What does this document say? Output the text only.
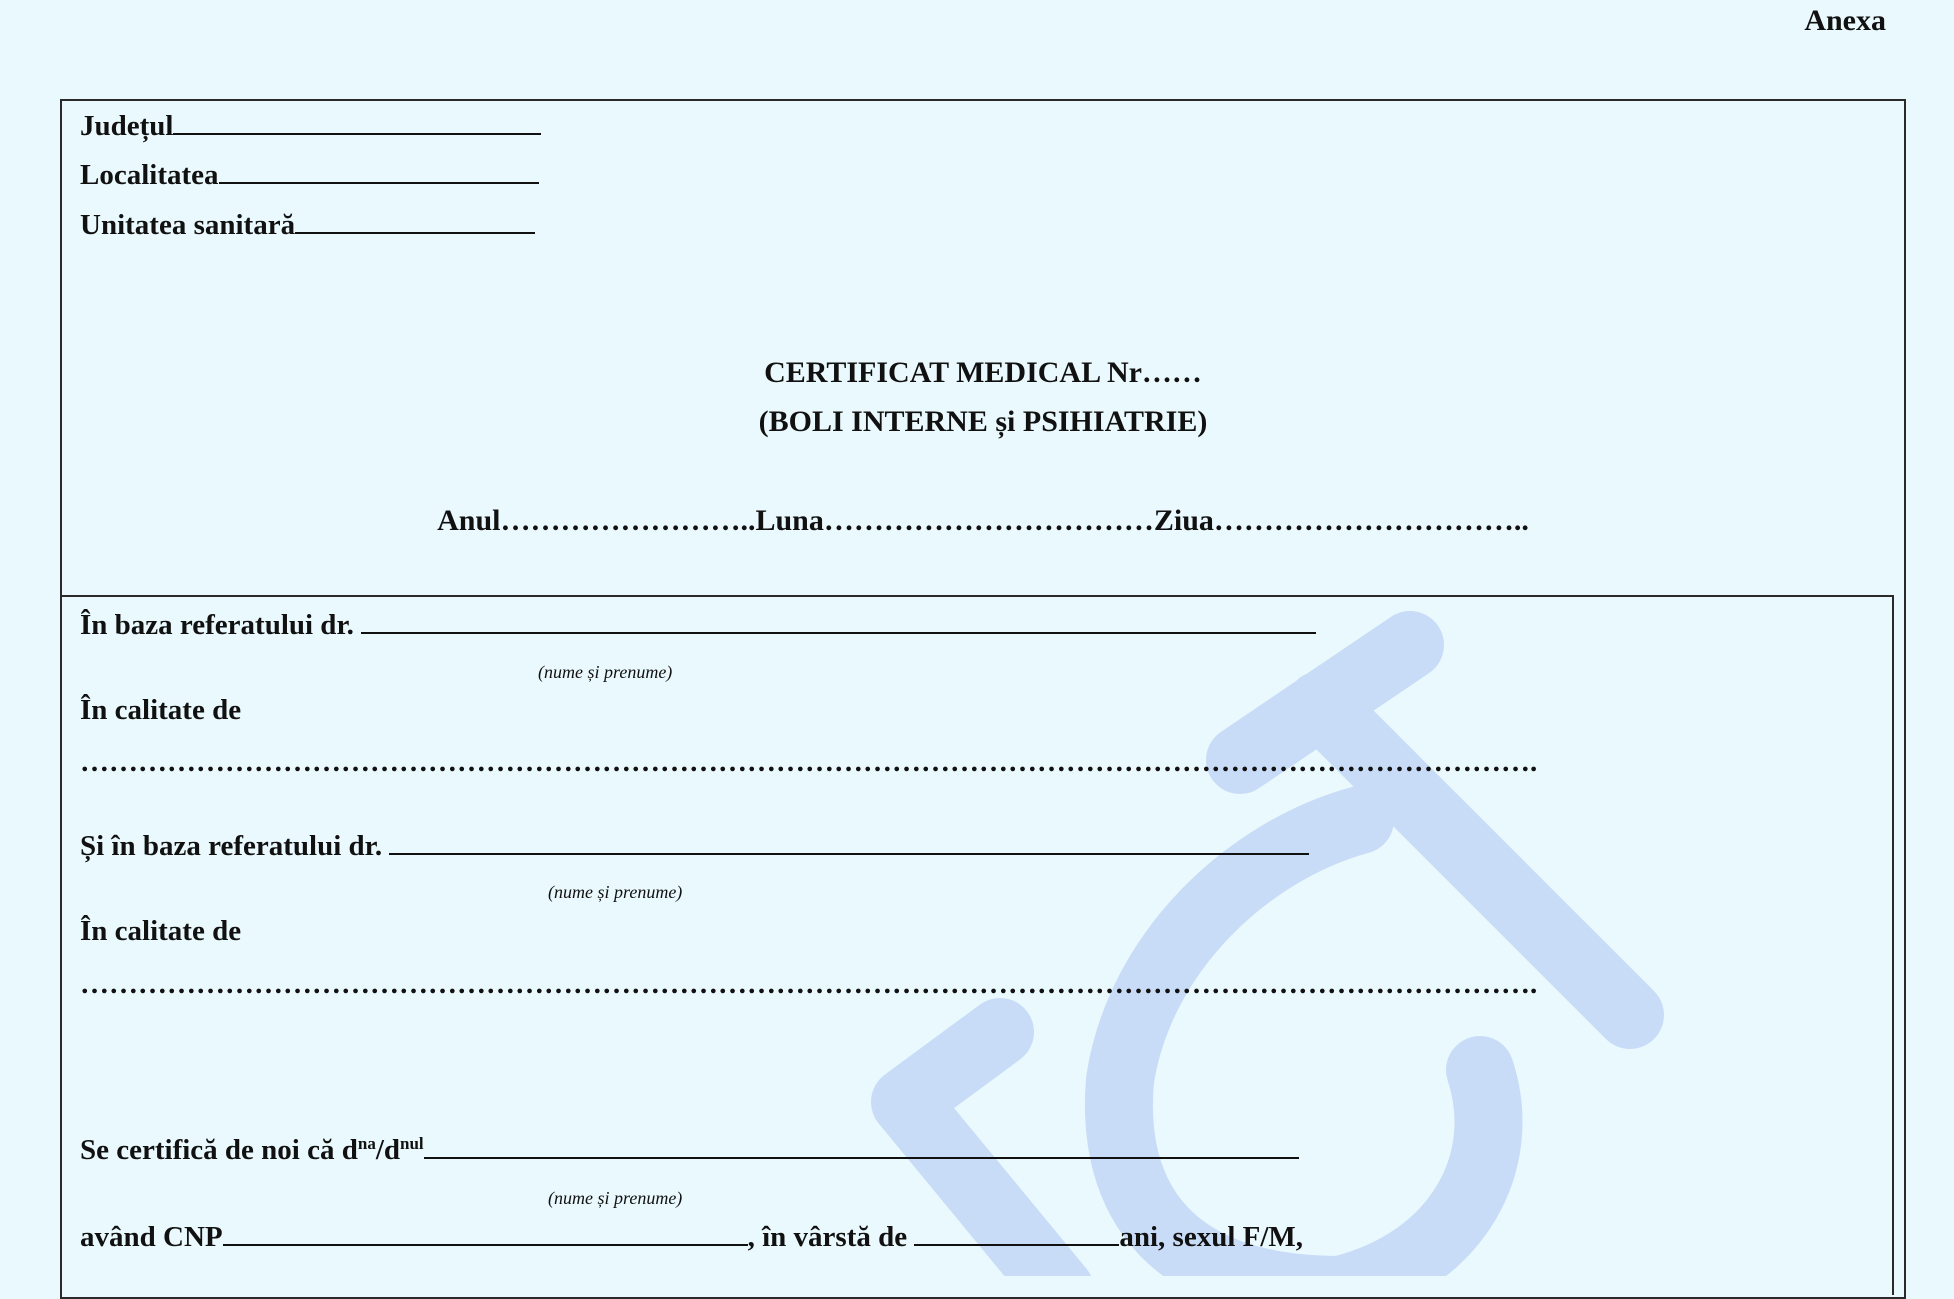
Anexa
Județul
Localitatea
Unitatea sanitară
CERTIFICAT MEDICAL Nr……
(BOLI INTERNE și PSIHIATRIE)
Anul……………………..Luna……………………………Ziua…………………………..
În baza referatului dr.
(nume și prenume)
În calitate de
…………………………………………………………………………………………………………………………………….
Și în baza referatului dr.
(nume și prenume)
În calitate de
…………………………………………………………………………………………………………………………………….
Se certifică de noi că $d^{na}/d^{nul}$
(nume și prenume)
având CNP	, în vârstă de	ani, sexul F/M,
